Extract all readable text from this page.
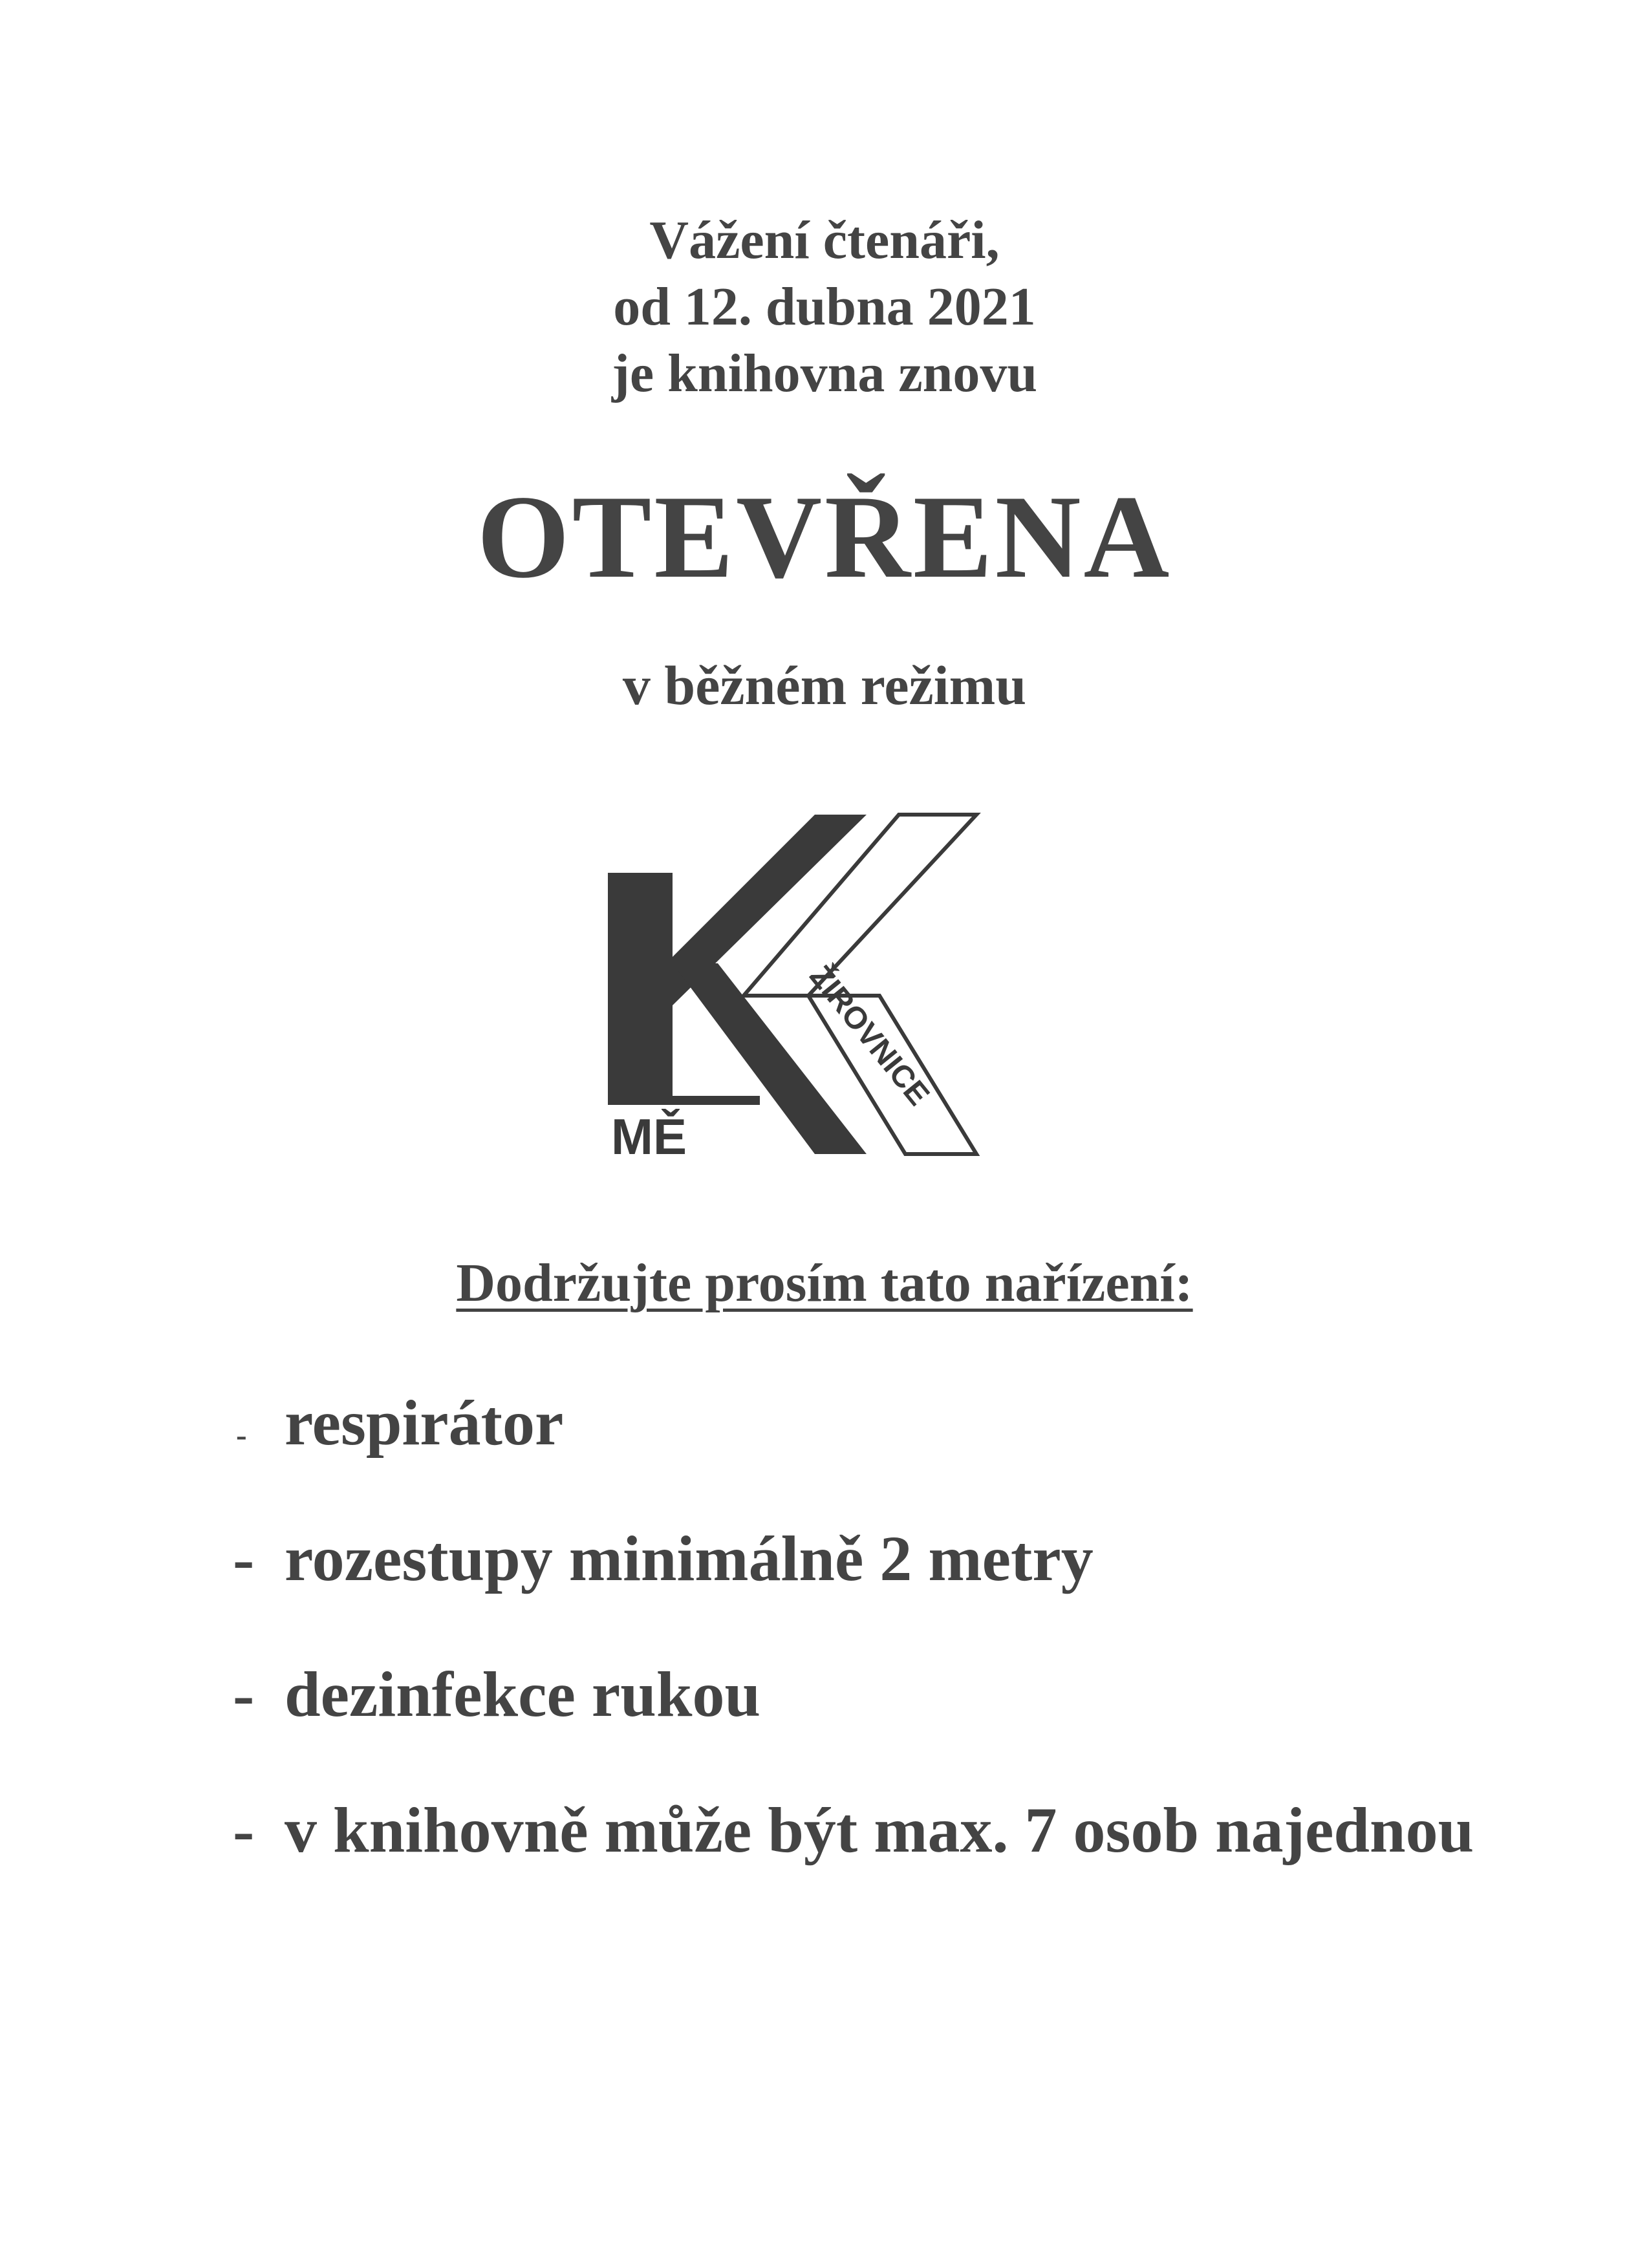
Vážení čtenáři,
od 12. dubna 2021
je knihovna znovu
OTEVŘENA
v běžném režimu
MĚ
ŽIROVNICE
Dodržujte prosím tato nařízení:
- respirátor
- rozestupy minimálně 2 metry
- dezinfekce rukou
- v knihovně může být max. 7 osob najednou
